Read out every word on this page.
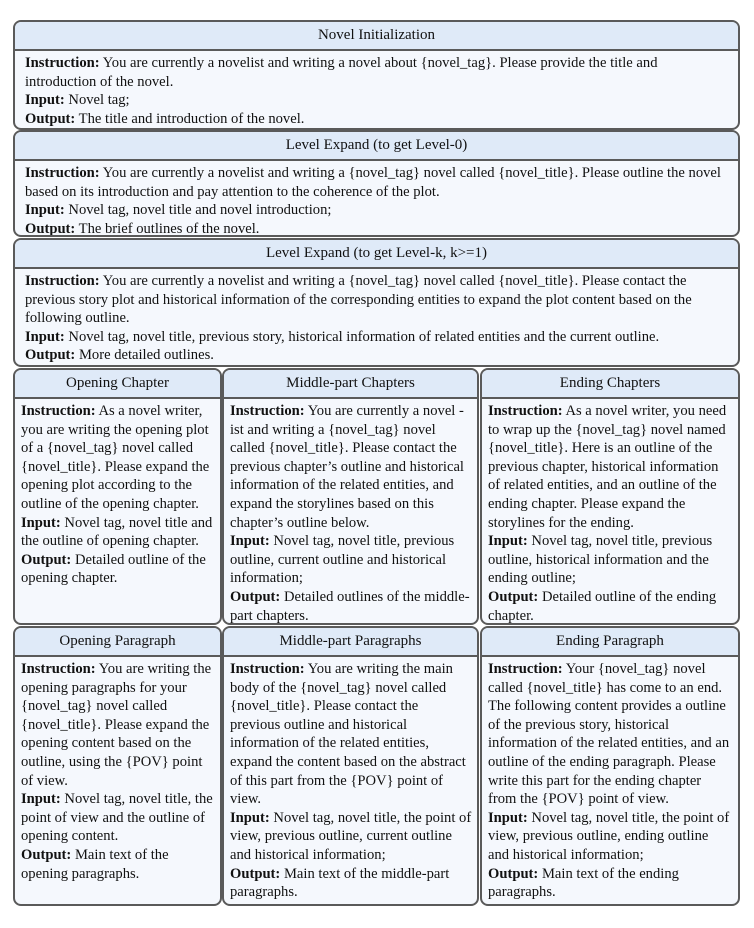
Novel Initialization
Instruction: You are currently a novelist and writing a novel about {novel_tag}. Please provide the title and introduction of the novel.
Input: Novel tag;
Output: The title and introduction of the novel.
Level Expand (to get Level-0)
Instruction: You are currently a novelist and writing a {novel_tag} novel called {novel_title}. Please outline the novel based on its introduction and pay attention to the coherence of the plot.
Input: Novel tag, novel title and novel introduction;
Output: The brief outlines of the novel.
Level Expand (to get Level-k, k>=1)
Instruction: You are currently a novelist and writing a {novel_tag} novel called {novel_title}. Please contact the previous story plot and historical information of the corresponding entities to expand the plot content based on the following outline.
Input: Novel tag, novel title, previous story, historical information of related entities and the current outline.
Output: More detailed outlines.
Opening Chapter
Instruction: As a novel writer, you are writing the opening plot of a {novel_tag} novel called {novel_title}. Please expand the opening plot according to the outline of the opening chapter.
Input: Novel tag, novel title and the outline of opening chapter.
Output: Detailed outline of the opening chapter.
Middle-part Chapters
Instruction: You are currently a novel -ist and writing a {novel_tag} novel called {novel_title}. Please contact the previous chapter’s outline and historical information of the related entities, and expand the storylines based on this chapter’s outline below.
Input: Novel tag, novel title, previous outline, current outline and historical information;
Output: Detailed outlines of the middle-part chapters.
Ending Chapters
Instruction: As a novel writer, you need to wrap up the {novel_tag} novel named {novel_title}. Here is an outline of the previous chapter, historical information of related entities, and an outline of the ending chapter. Please expand the storylines for the ending.
Input: Novel tag, novel title, previous outline, historical information and the ending outline;
Output: Detailed outline of the ending chapter.
Opening Paragraph
Instruction: You are writing the opening paragraphs for your {novel_tag} novel called {novel_title}. Please expand the opening content based on the outline, using the {POV} point of view.
Input: Novel tag, novel title, the point of view and the outline of opening content.
Output: Main text of the opening paragraphs.
Middle-part Paragraphs
Instruction: You are writing the main body of the {novel_tag} novel called {novel_title}. Please contact the previous outline and historical information of the related entities, expand the content based on the abstract of this part from the {POV} point of view.
Input: Novel tag, novel title, the point of view, previous outline, current outline and historical information;
Output: Main text of the middle-part paragraphs.
Ending Paragraph
Instruction: Your {novel_tag} novel called {novel_title} has come to an end. The following content provides a outline of the previous story, historical information of the related entities, and an outline of the ending paragraph. Please write this part for the ending chapter from the {POV} point of view.
Input: Novel tag, novel title, the point of view, previous outline, ending outline and historical information;
Output: Main text of the ending paragraphs.
